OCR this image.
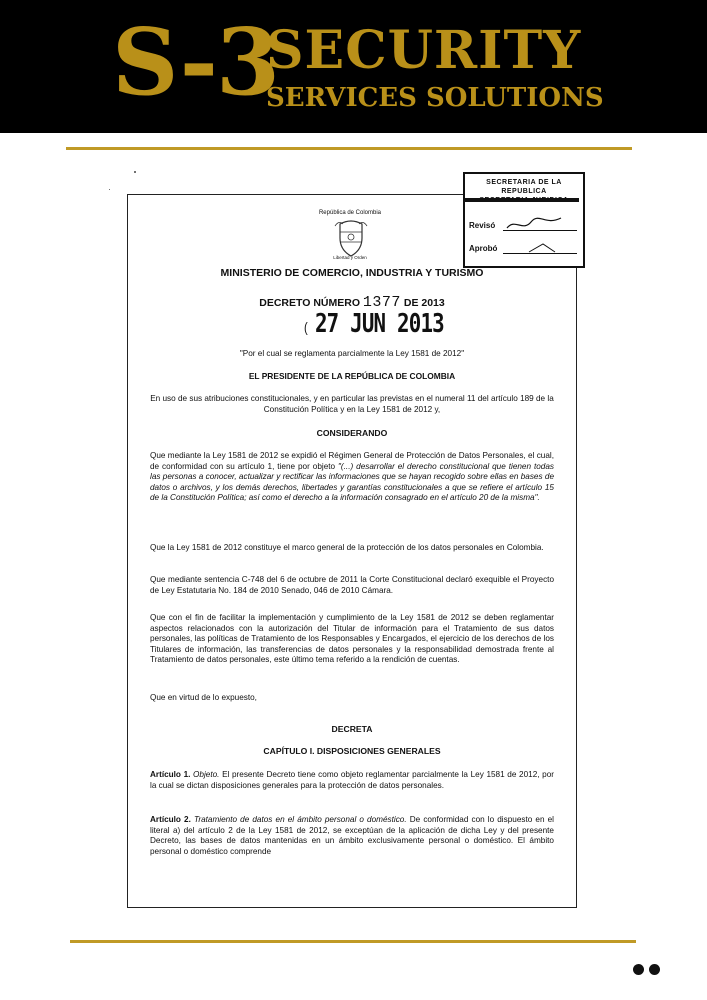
S-3
SECURITY
SERVICES SOLUTIONS
SECRETARIA DE LA REPUBLICA
Revisó
Aprobó
República de Colombia
Libertad y Orden
MINISTERIO DE COMERCIO, INDUSTRIA Y TURISMO
DECRETO NÚMERO 1377 DE 2013
( 27 JUN 2013
"Por el cual se reglamenta parcialmente la Ley 1581 de 2012"
EL PRESIDENTE DE LA REPÚBLICA DE COLOMBIA
En uso de sus atribuciones constitucionales, y en particular las previstas en el numeral 11 del artículo 189 de la Constitución Política y en la Ley 1581 de 2012 y,
CONSIDERANDO
Que mediante la Ley 1581 de 2012 se expidió el Régimen General de Protección de Datos Personales, el cual, de conformidad con su artículo 1, tiene por objeto "(...) desarrollar el derecho constitucional que tienen todas las personas a conocer, actualizar y rectificar las informaciones que se hayan recogido sobre ellas en bases de datos o archivos, y los demás derechos, libertades y garantías constitucionales a que se refiere el artículo 15 de la Constitución Política; así como el derecho a la información consagrado en el artículo 20 de la misma".
Que la Ley 1581 de 2012 constituye el marco general de la protección de los datos personales en Colombia.
Que mediante sentencia C-748 del 6 de octubre de 2011 la Corte Constitucional declaró exequible el Proyecto de Ley Estatutaria No. 184 de 2010 Senado, 046 de 2010 Cámara.
Que con el fin de facilitar la implementación y cumplimiento de la Ley 1581 de 2012 se deben reglamentar aspectos relacionados con la autorización del Titular de información para el Tratamiento de sus datos personales, las políticas de Tratamiento de los Responsables y Encargados, el ejercicio de los derechos de los Titulares de información, las transferencias de datos personales y la responsabilidad demostrada frente al Tratamiento de datos personales, este último tema referido a la rendición de cuentas.
Que en virtud de lo expuesto,
DECRETA
CAPÍTULO I. DISPOSICIONES GENERALES
Artículo 1. Objeto. El presente Decreto tiene como objeto reglamentar parcialmente la Ley 1581 de 2012, por la cual se dictan disposiciones generales para la protección de datos personales.
Artículo 2. Tratamiento de datos en el ámbito personal o doméstico. De conformidad con lo dispuesto en el literal a) del artículo 2 de la Ley 1581 de 2012, se exceptúan de la aplicación de dicha Ley y del presente Decreto, las bases de datos mantenidas en un ámbito exclusivamente personal o doméstico. El ámbito personal o doméstico comprende
